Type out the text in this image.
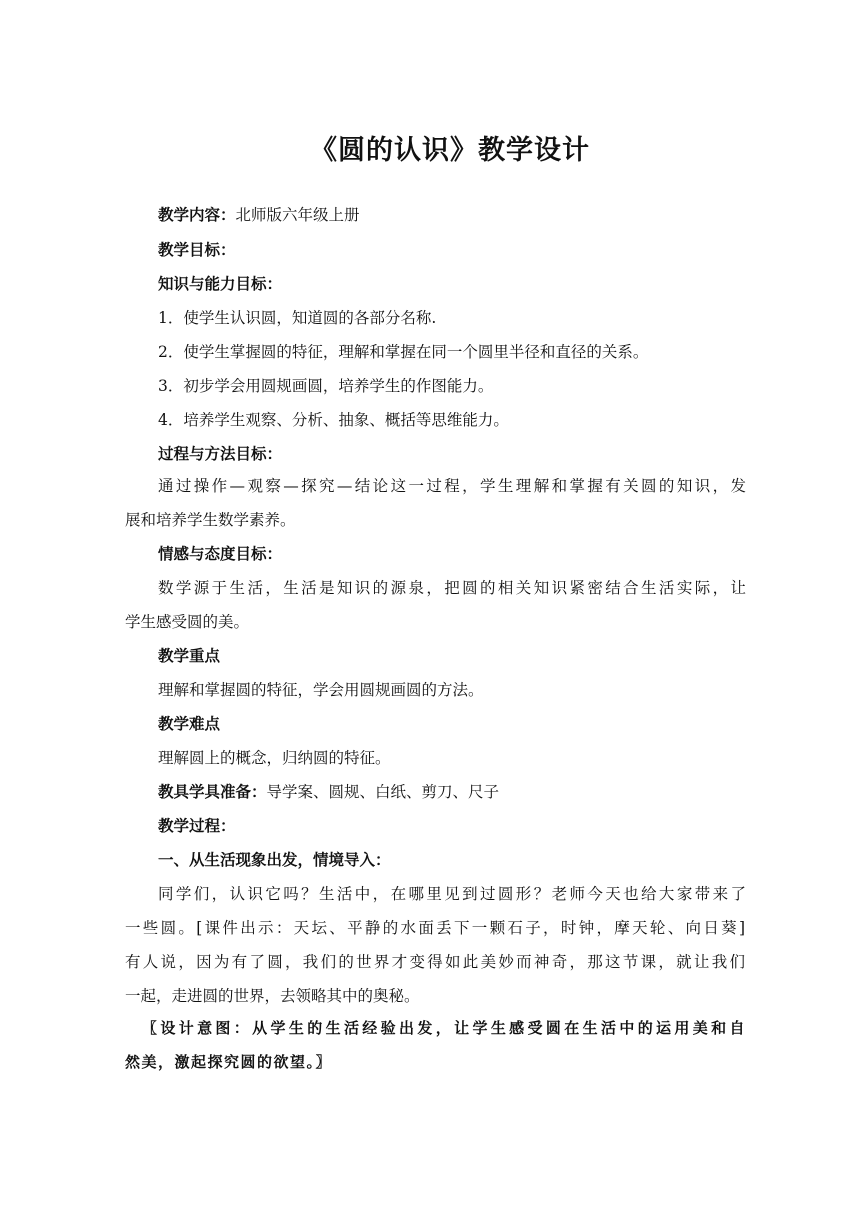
《圆的认识》教学设计
教学内容：北师版六年级上册
教学目标：
知识与能力目标：
1．使学生认识圆，知道圆的各部分名称.
2．使学生掌握圆的特征，理解和掌握在同一个圆里半径和直径的关系。
3．初步学会用圆规画圆，培养学生的作图能力。
4．培养学生观察、分析、抽象、概括等思维能力。
过程与方法目标：
通过操作—观察—探究—结论这一过程，学生理解和掌握有关圆的知识，发
展和培养学生数学素养。
情感与态度目标：
数学源于生活，生活是知识的源泉，把圆的相关知识紧密结合生活实际，让
学生感受圆的美。
教学重点
理解和掌握圆的特征，学会用圆规画圆的方法。
教学难点
理解圆上的概念，归纳圆的特征。
教具学具准备：导学案、圆规、白纸、剪刀、尺子
教学过程：
一、从生活现象出发，情境导入：
同学们，认识它吗？生活中，在哪里见到过圆形？老师今天也给大家带来了
一些圆。[课件出示：天坛、平静的水面丢下一颗石子，时钟，摩天轮、向日葵]
有人说，因为有了圆，我们的世界才变得如此美妙而神奇，那这节课，就让我们
一起，走进圆的世界，去领略其中的奥秘。
〖设计意图：从学生的生活经验出发，让学生感受圆在生活中的运用美和自
然美，激起探究圆的欲望。〗
